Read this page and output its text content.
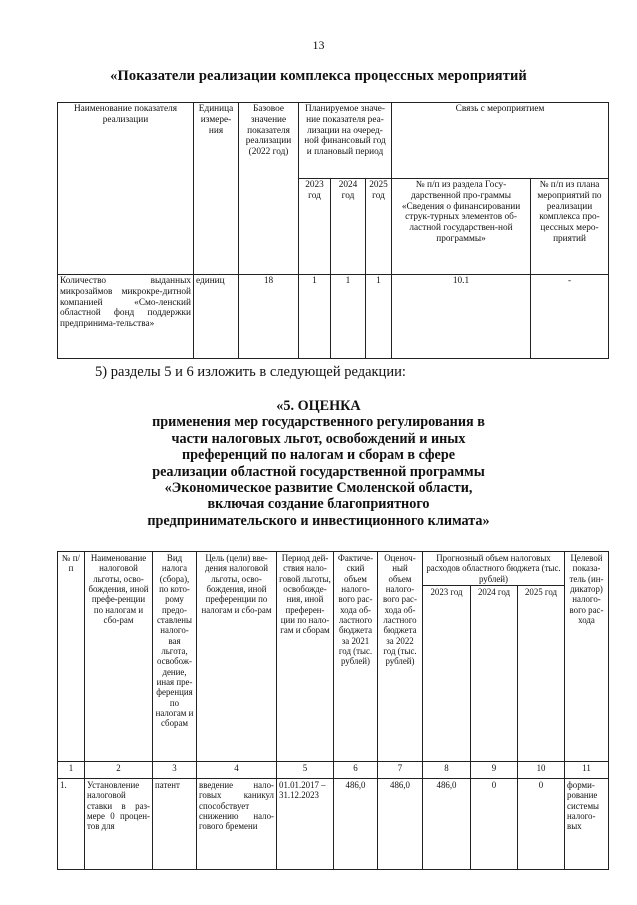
13
«Показатели реализации комплекса процессных мероприятий
Наименование показателя реализации	Единица измере-ния	Базовое значение показателя реализации (2022 год)	Планируемое значе-ние показателя реа-лизации на очеред-ной финансовый год и плановый период			Связь с мероприятием	
			2023 год	2024 год	2025 год	№ п/п из раздела Госу-дарственной про-граммы «Сведения о финансировании струк-турных элементов об-ластной государствен-ной программы»	№ п/п из плана мероприятий по реализации комплекса про-цессных меро-приятий
Количество выданных микрозаймов микрокре-дитной компанией «Смо-ленский областной фонд поддержки предпринима-тельства»	единиц	18	1	1	1	10.1	-
5) разделы 5 и 6 изложить в следующей редакции:
«5. ОЦЕНКА
применения мер государственного регулирования в
части налоговых льгот, освобождений и иных
преференций по налогам и сборам в сфере
реализации областной государственной программы
«Экономическое развитие Смоленской области,
включая создание благоприятного
предпринимательского и инвестиционного климата»
№ п/п	Наименование налоговой льготы, осво-бождения, иной префе-ренции по налогам и сбо-рам	Вид налога (сбора), по кото-рому предо-ставлены налого-вая льгота, освобож-дение, иная пре-ференция по налогам и сборам	Цель (цели) вве-дения налоговой льготы, осво-бождения, иной преференции по налогам и сбо-рам	Период дей-ствия нало-говой льготы, освобожде-ния, иной преферен-ции по нало-гам и сборам	Фактиче-ский объем налого-вого рас-хода об-ластного бюджета за 2021 год (тыс. рублей)	Оценоч-ный объем налого-вого рас-хода об-ластного бюджета за 2022 год (тыс. рублей)	Прогнозный объем налоговых расходов областного бюджета (тыс. рублей)			Целевой показа-тель (ин-дикатор) налого-вого рас-хода
							2023 год	2024 год	2025 год	
1	2	3	4	5	6	7	8	9	10	11
1.	Установление налоговой ставки в раз-мере 0 процен-тов для	патент	введение нало-говых каникул способствует снижению нало-гового бремени	01.01.2017 – 31.12.2023	486,0	486,0	486,0	0	0	форми-рование системы налого-вых
